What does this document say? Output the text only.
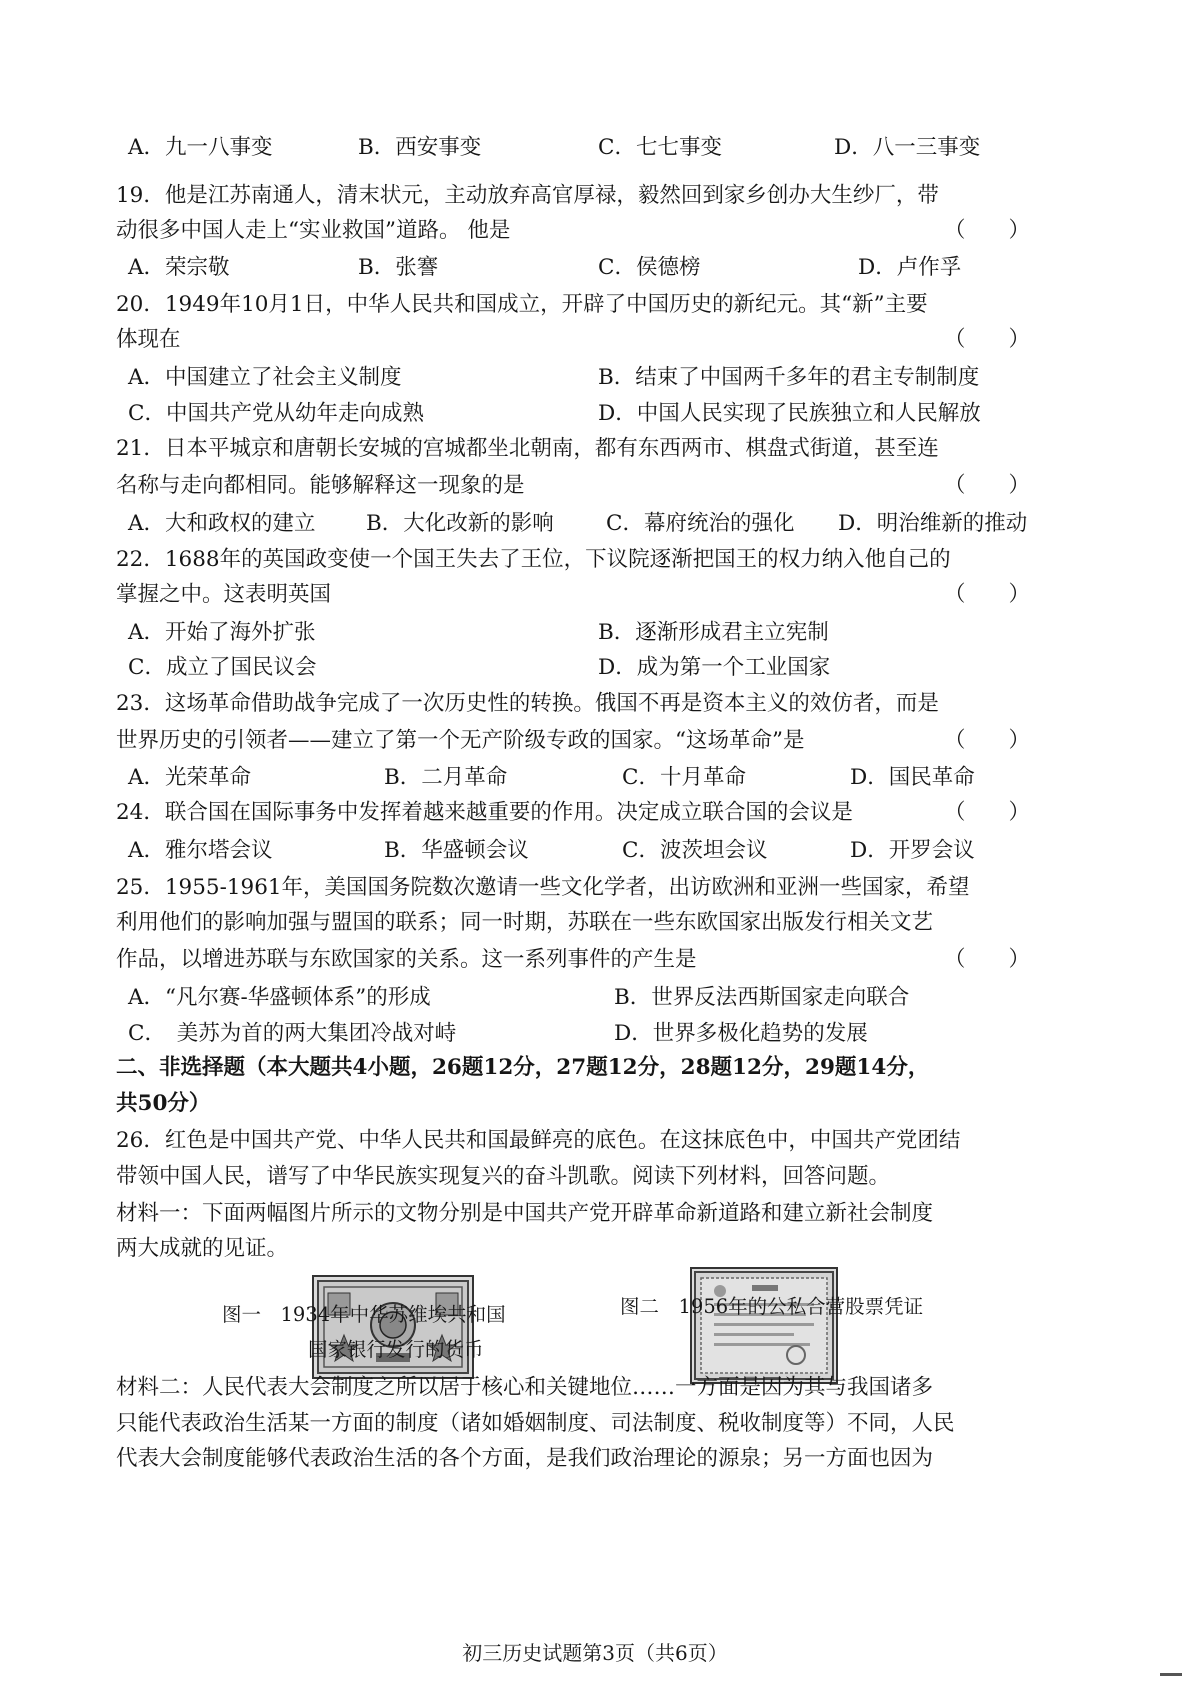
A．九一八事变	B．西安事变	C．七七事变	D．八一三事变
19．他是江苏南通人，清末状元，主动放弃高官厚禄，毅然回到家乡创办大生纱厂，带
动很多中国人走上“实业救国”道路。 他是	（　　）
A．荣宗敬	B．张謇	C．侯德榜	D．卢作孚
20．1949年10月1日，中华人民共和国成立，开辟了中国历史的新纪元。其“新”主要
体现在	（　　）
A．中国建立了社会主义制度	B．结束了中国两千多年的君主专制制度
C．中国共产党从幼年走向成熟	D．中国人民实现了民族独立和人民解放
21．日本平城京和唐朝长安城的宫城都坐北朝南，都有东西两市、棋盘式街道，甚至连
名称与走向都相同。能够解释这一现象的是	（　　）
A．大和政权的建立 B．大化改新的影响 C．幕府统治的强化 D．明治维新的推动
22．1688年的英国政变使一个国王失去了王位，下议院逐渐把国王的权力纳入他自己的
掌握之中。这表明英国	（　　）
A．开始了海外扩张	B．逐渐形成君主立宪制
C．成立了国民议会	D．成为第一个工业国家
23．这场革命借助战争完成了一次历史性的转换。俄国不再是资本主义的效仿者，而是
世界历史的引领者——建立了第一个无产阶级专政的国家。“这场革命”是	（　　）
A．光荣革命	B．二月革命	C．十月革命	D．国民革命
24．联合国在国际事务中发挥着越来越重要的作用。决定成立联合国的会议是	（　　）
A．雅尔塔会议	B．华盛顿会议	C．波茨坦会议	D．开罗会议
25．1955-1961年，美国国务院数次邀请一些文化学者，出访欧洲和亚洲一些国家，希望
利用他们的影响加强与盟国的联系；同一时期，苏联在一些东欧国家出版发行相关文艺
作品，以增进苏联与东欧国家的关系。这一系列事件的产生是	（　　）
A．“凡尔赛-华盛顿体系”的形成	B．世界反法西斯国家走向联合
C．　美苏为首的两大集团冷战对峙	D．世界多极化趋势的发展
二、非选择题（本大题共4小题，26题12分，27题12分，28题12分，29题14分，
共50分）
26．红色是中国共产党、中华人民共和国最鲜亮的底色。在这抹底色中，中国共产党团结
带领中国人民，谱写了中华民族实现复兴的奋斗凯歌。阅读下列材料，回答问题。
材料一：下面两幅图片所示的文物分别是中国共产党开辟革命新道路和建立新社会制度
两大成就的见证。
图一　1934年中华苏维埃共和国
国家银行发行的货币
图二　1956年的公私合营股票凭证
材料二：人民代表大会制度之所以居于核心和关键地位……一方面是因为其与我国诸多
只能代表政治生活某一方面的制度（诸如婚姻制度、司法制度、税收制度等）不同，人民
代表大会制度能够代表政治生活的各个方面，是我们政治理论的源泉；另一方面也因为
初三历史试题第3页（共6页）
